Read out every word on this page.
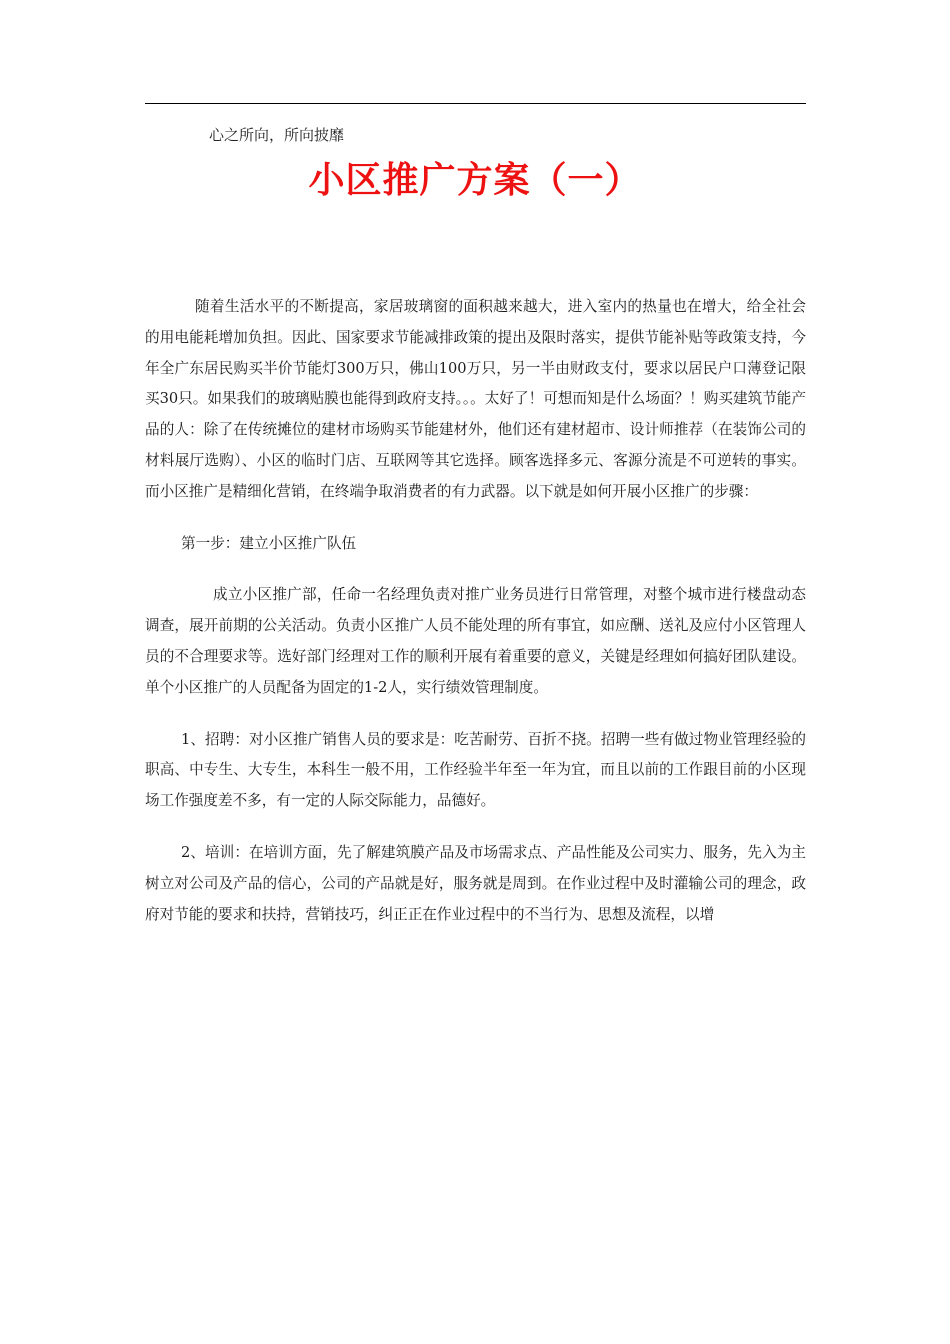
心之所向，所向披靡
小区推广方案（一）

随着生活水平的不断提高，家居玻璃窗的面积越来越大，进入室内的热量也在增大，给全社会的用电能耗增加负担。因此、国家要求节能减排政策的提出及限时落实，提供节能补贴等政策支持，今年全广东居民购买半价节能灯300万只，佛山100万只，另一半由财政支付，要求以居民户口薄登记限买30只。如果我们的玻璃贴膜也能得到政府支持。。。太好了！可想而知是什么场面？！购买建筑节能产品的人：除了在传统摊位的建材市场购买节能建材外，他们还有建材超市、设计师推荐（在装饰公司的材料展厅选购）、小区的临时门店、互联网等其它选择。顾客选择多元、客源分流是不可逆转的事实。而小区推广是精细化营销，在终端争取消费者的有力武器。以下就是如何开展小区推广的步骤：

第一步：建立小区推广队伍

成立小区推广部，任命一名经理负责对推广业务员进行日常管理，对整个城市进行楼盘动态调查，展开前期的公关活动。负责小区推广人员不能处理的所有事宜，如应酬、送礼及应付小区管理人员的不合理要求等。选好部门经理对工作的顺利开展有着重要的意义，关键是经理如何搞好团队建设。单个小区推广的人员配备为固定的1-2人，实行绩效管理制度。

1、招聘：对小区推广销售人员的要求是：吃苦耐劳、百折不挠。招聘一些有做过物业管理经验的职高、中专生、大专生，本科生一般不用，工作经验半年至一年为宜，而且以前的工作跟目前的小区现场工作强度差不多，有一定的人际交际能力，品德好。

2、培训：在培训方面，先了解建筑膜产品及市场需求点、产品性能及公司实力、服务，先入为主树立对公司及产品的信心，公司的产品就是好，服务就是周到。在作业过程中及时灌输公司的理念，政府对节能的要求和扶持，营销技巧，纠正正在作业过程中的不当行为、思想及流程，以增
